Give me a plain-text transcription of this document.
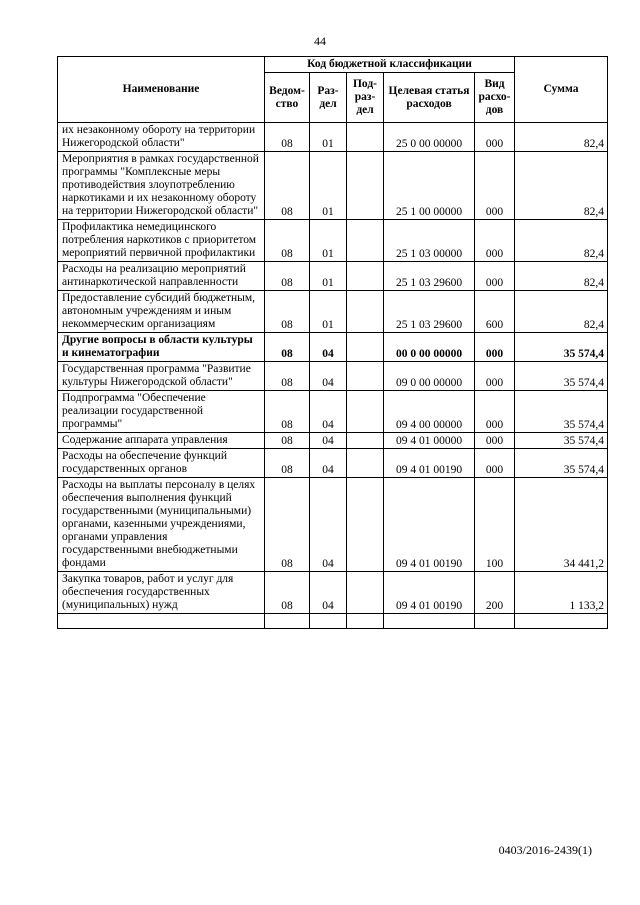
44
Наименование	Код бюджетной классификации					Сумма
	Ведом-ство	Раз-дел	Под-раз-дел	Целевая статья расходов	Вид расхо-дов	
их незаконному обороту на территории Нижегородской области"	08	01		25 0 00 00000	000	82,4
Мероприятия в рамках государственной программы "Комплексные меры противодействия злоупотреблению наркотиками и их незаконному обороту на территории Нижегородской области"	08	01		25 1 00 00000	000	82,4
Профилактика немедицинского потребления наркотиков с приоритетом мероприятий первичной профилактики	08	01		25 1 03 00000	000	82,4
Расходы на реализацию мероприятий антинаркотической направленности	08	01		25 1 03 29600	000	82,4
Предоставление субсидий бюджетным, автономным учреждениям и иным некоммерческим организациям	08	01		25 1 03 29600	600	82,4
Другие вопросы в области культуры и кинематографии	08	04		00 0 00 00000	000	35 574,4
Государственная программа "Развитие культуры Нижегородской области"	08	04		09 0 00 00000	000	35 574,4
Подпрограмма "Обеспечение реализации государственной программы"	08	04		09 4 00 00000	000	35 574,4
Содержание аппарата управления	08	04		09 4 01 00000	000	35 574,4
Расходы на обеспечение функций государственных органов	08	04		09 4 01 00190	000	35 574,4
Расходы на выплаты персоналу в целях обеспечения выполнения функций государственными (муниципальными) органами, казенными учреждениями, органами управления государственными внебюджетными фондами	08	04		09 4 01 00190	100	34 441,2
Закупка товаров, работ и услуг для обеспечения государственных (муниципальных) нужд	08	04		09 4 01 00190	200	1 133,2

0403/2016-2439(1)
